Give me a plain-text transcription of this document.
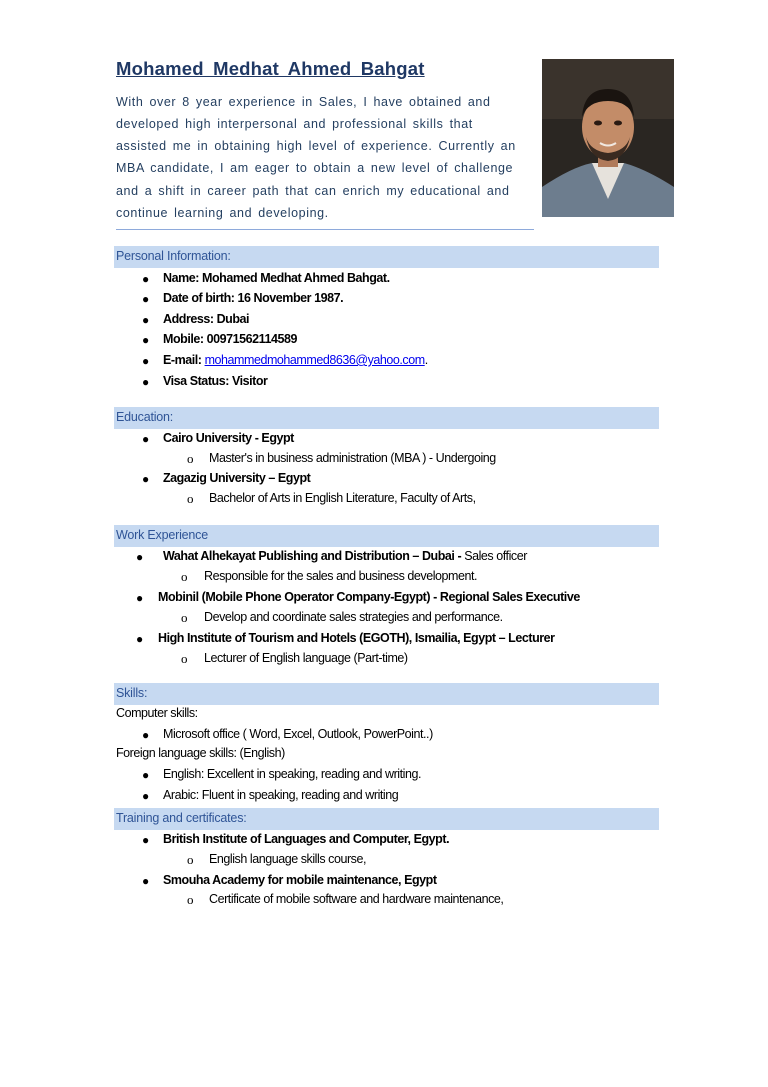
Mohamed Medhat Ahmed Bahgat
With over 8 year experience in Sales, I have obtained and
developed high interpersonal and professional skills that
assisted me in obtaining high level of experience. Currently an
MBA candidate, I am eager to obtain a new level of challenge
and a shift in career path that can enrich my educational and
continue learning and developing.
Personal Information:
● Name: Mohamed Medhat Ahmed Bahgat.
● Date of birth: 16 November 1987.
● Address: Dubai
● Mobile: 00971562114589
● E-mail: mohammedmohammed8636@yahoo.com.
● Visa Status: Visitor
Education:
● Cairo University - Egypt
o Master's in business administration (MBA ) - Undergoing
● Zagazig University – Egypt
o Bachelor of Arts in English Literature, Faculty of Arts,
Work Experience
● Wahat Alhekayat Publishing and Distribution – Dubai - Sales officer
o Responsible for the sales and business development.
● Mobinil (Mobile Phone Operator Company-Egypt) - Regional Sales Executive
o Develop and coordinate sales strategies and performance.
● High Institute of Tourism and Hotels (EGOTH), Ismailia, Egypt – Lecturer
o Lecturer of English language (Part-time)
Skills:
Computer skills:
● Microsoft office ( Word, Excel, Outlook, PowerPoint..)
Foreign language skills: (English)
● English: Excellent in speaking, reading and writing.
● Arabic: Fluent in speaking, reading and writing
Training and certificates:
● British Institute of Languages and Computer, Egypt.
o English language skills course,
● Smouha Academy for mobile maintenance, Egypt
o Certificate of mobile software and hardware maintenance,
